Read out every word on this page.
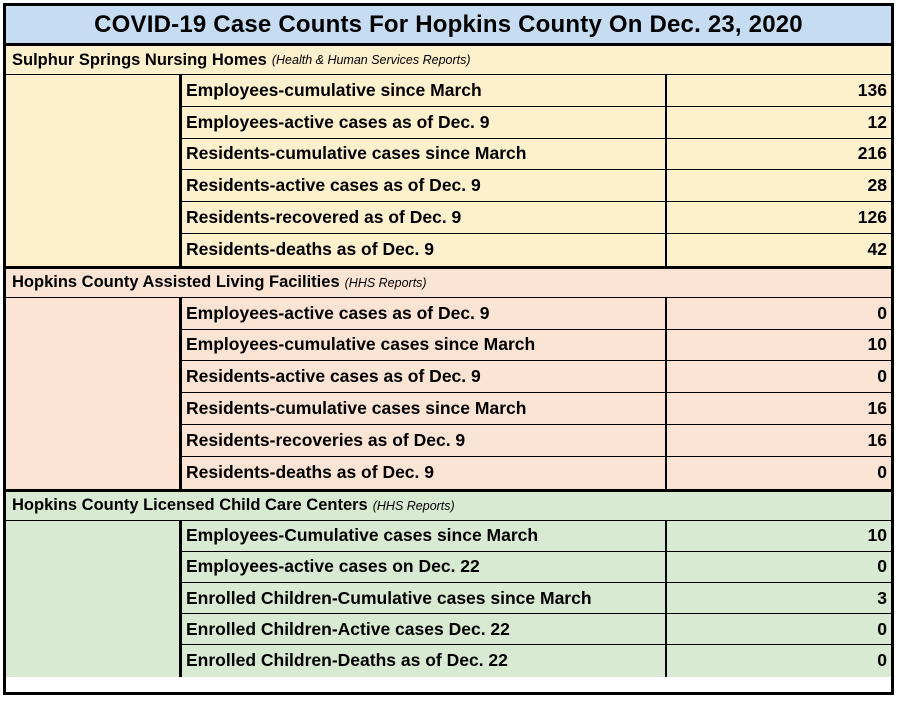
COVID-19 Case Counts For Hopkins County On Dec. 23, 2020
Sulphur Springs Nursing Homes (Health & Human Services Reports)
Employees-cumulative since March	136
Employees-active cases as of Dec. 9	12
Residents-cumulative cases since March	216
Residents-active cases as of Dec. 9	28
Residents-recovered as of Dec. 9	126
Residents-deaths as of Dec. 9	42
Hopkins County Assisted Living Facilities (HHS Reports)
Employees-active cases as of Dec. 9	0
Employees-cumulative cases since March	10
Residents-active cases as of Dec. 9	0
Residents-cumulative cases since March	16
Residents-recoveries as of Dec. 9	16
Residents-deaths as of Dec. 9	0
Hopkins County Licensed Child Care Centers (HHS Reports)
Employees-Cumulative cases since March	10
Employees-active cases on Dec. 22	0
Enrolled Children-Cumulative cases since March	3
Enrolled Children-Active cases Dec. 22	0
Enrolled Children-Deaths as of Dec. 22	0
